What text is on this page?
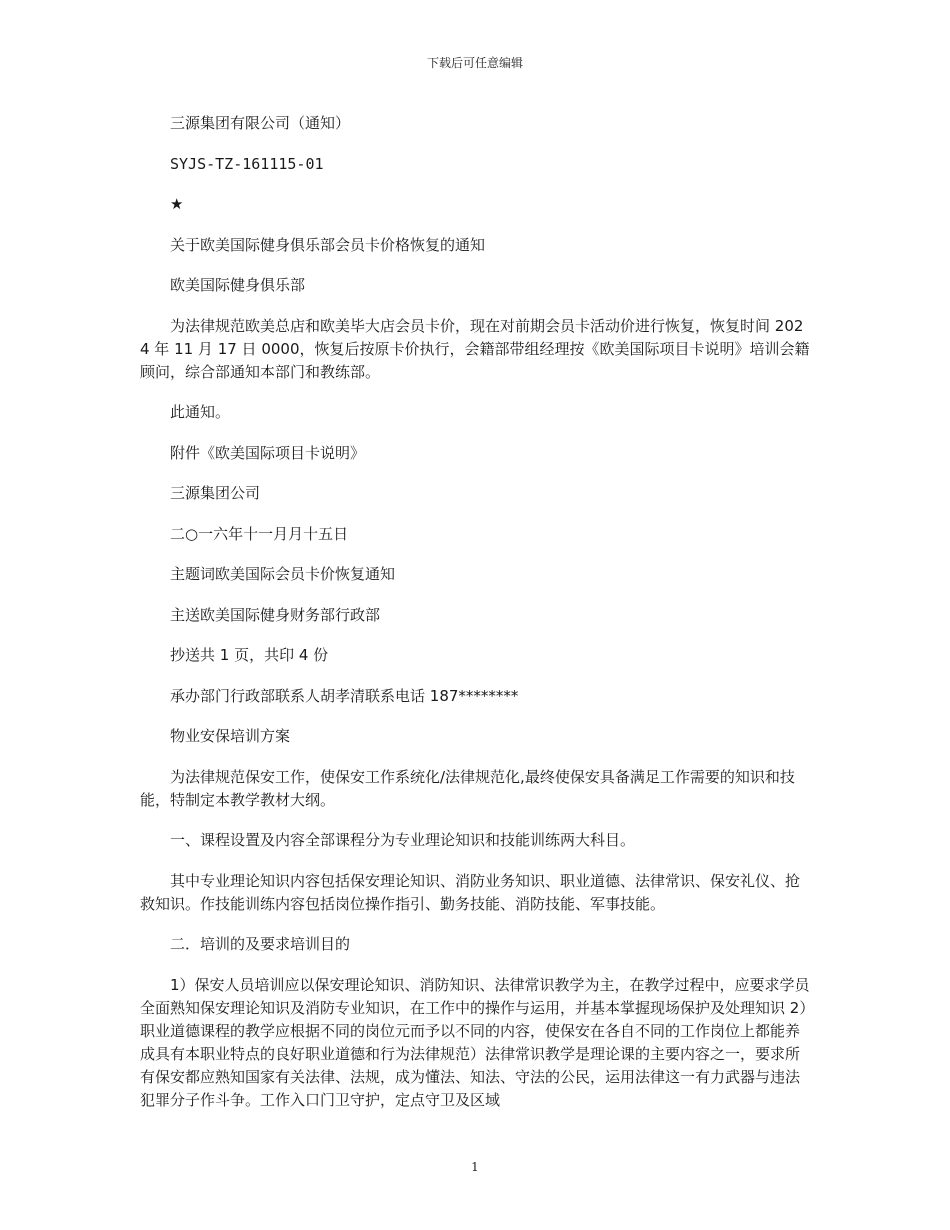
下载后可任意编辑

三源集团有限公司（通知）

SYJS-TZ-161115-01

★

关于欧美国际健身俱乐部会员卡价格恢复的通知

欧美国际健身俱乐部

为法律规范欧美总店和欧美毕大店会员卡价，现在对前期会员卡活动价进行恢复，恢复时间 2024 年 11 月 17 日 0000，恢复后按原卡价执行，会籍部带组经理按《欧美国际项目卡说明》培训会籍顾问，综合部通知本部门和教练部。

此通知。

附件《欧美国际项目卡说明》

三源集团公司

二○一六年十一月月十五日

主题词欧美国际会员卡价恢复通知

主送欧美国际健身财务部行政部

抄送共 1 页，共印 4 份

承办部门行政部联系人胡孝清联系电话 187********

物业安保培训方案

为法律规范保安工作，使保安工作系统化/法律规范化,最终使保安具备满足工作需要的知识和技能，特制定本教学教材大纲。

一、课程设置及内容全部课程分为专业理论知识和技能训练两大科目。

其中专业理论知识内容包括保安理论知识、消防业务知识、职业道德、法律常识、保安礼仪、抢救知识。作技能训练内容包括岗位操作指引、勤务技能、消防技能、军事技能。

二．培训的及要求培训目的

1）保安人员培训应以保安理论知识、消防知识、法律常识教学为主，在教学过程中，应要求学员全面熟知保安理论知识及消防专业知识，在工作中的操作与运用，并基本掌握现场保护及处理知识 2）职业道德课程的教学应根据不同的岗位元而予以不同的内容，使保安在各自不同的工作岗位上都能养成具有本职业特点的良好职业道德和行为法律规范）法律常识教学是理论课的主要内容之一，要求所有保安都应熟知国家有关法律、法规，成为懂法、知法、守法的公民，运用法律这一有力武器与违法犯罪分子作斗争。工作入口门卫守护，定点守卫及区域

1
